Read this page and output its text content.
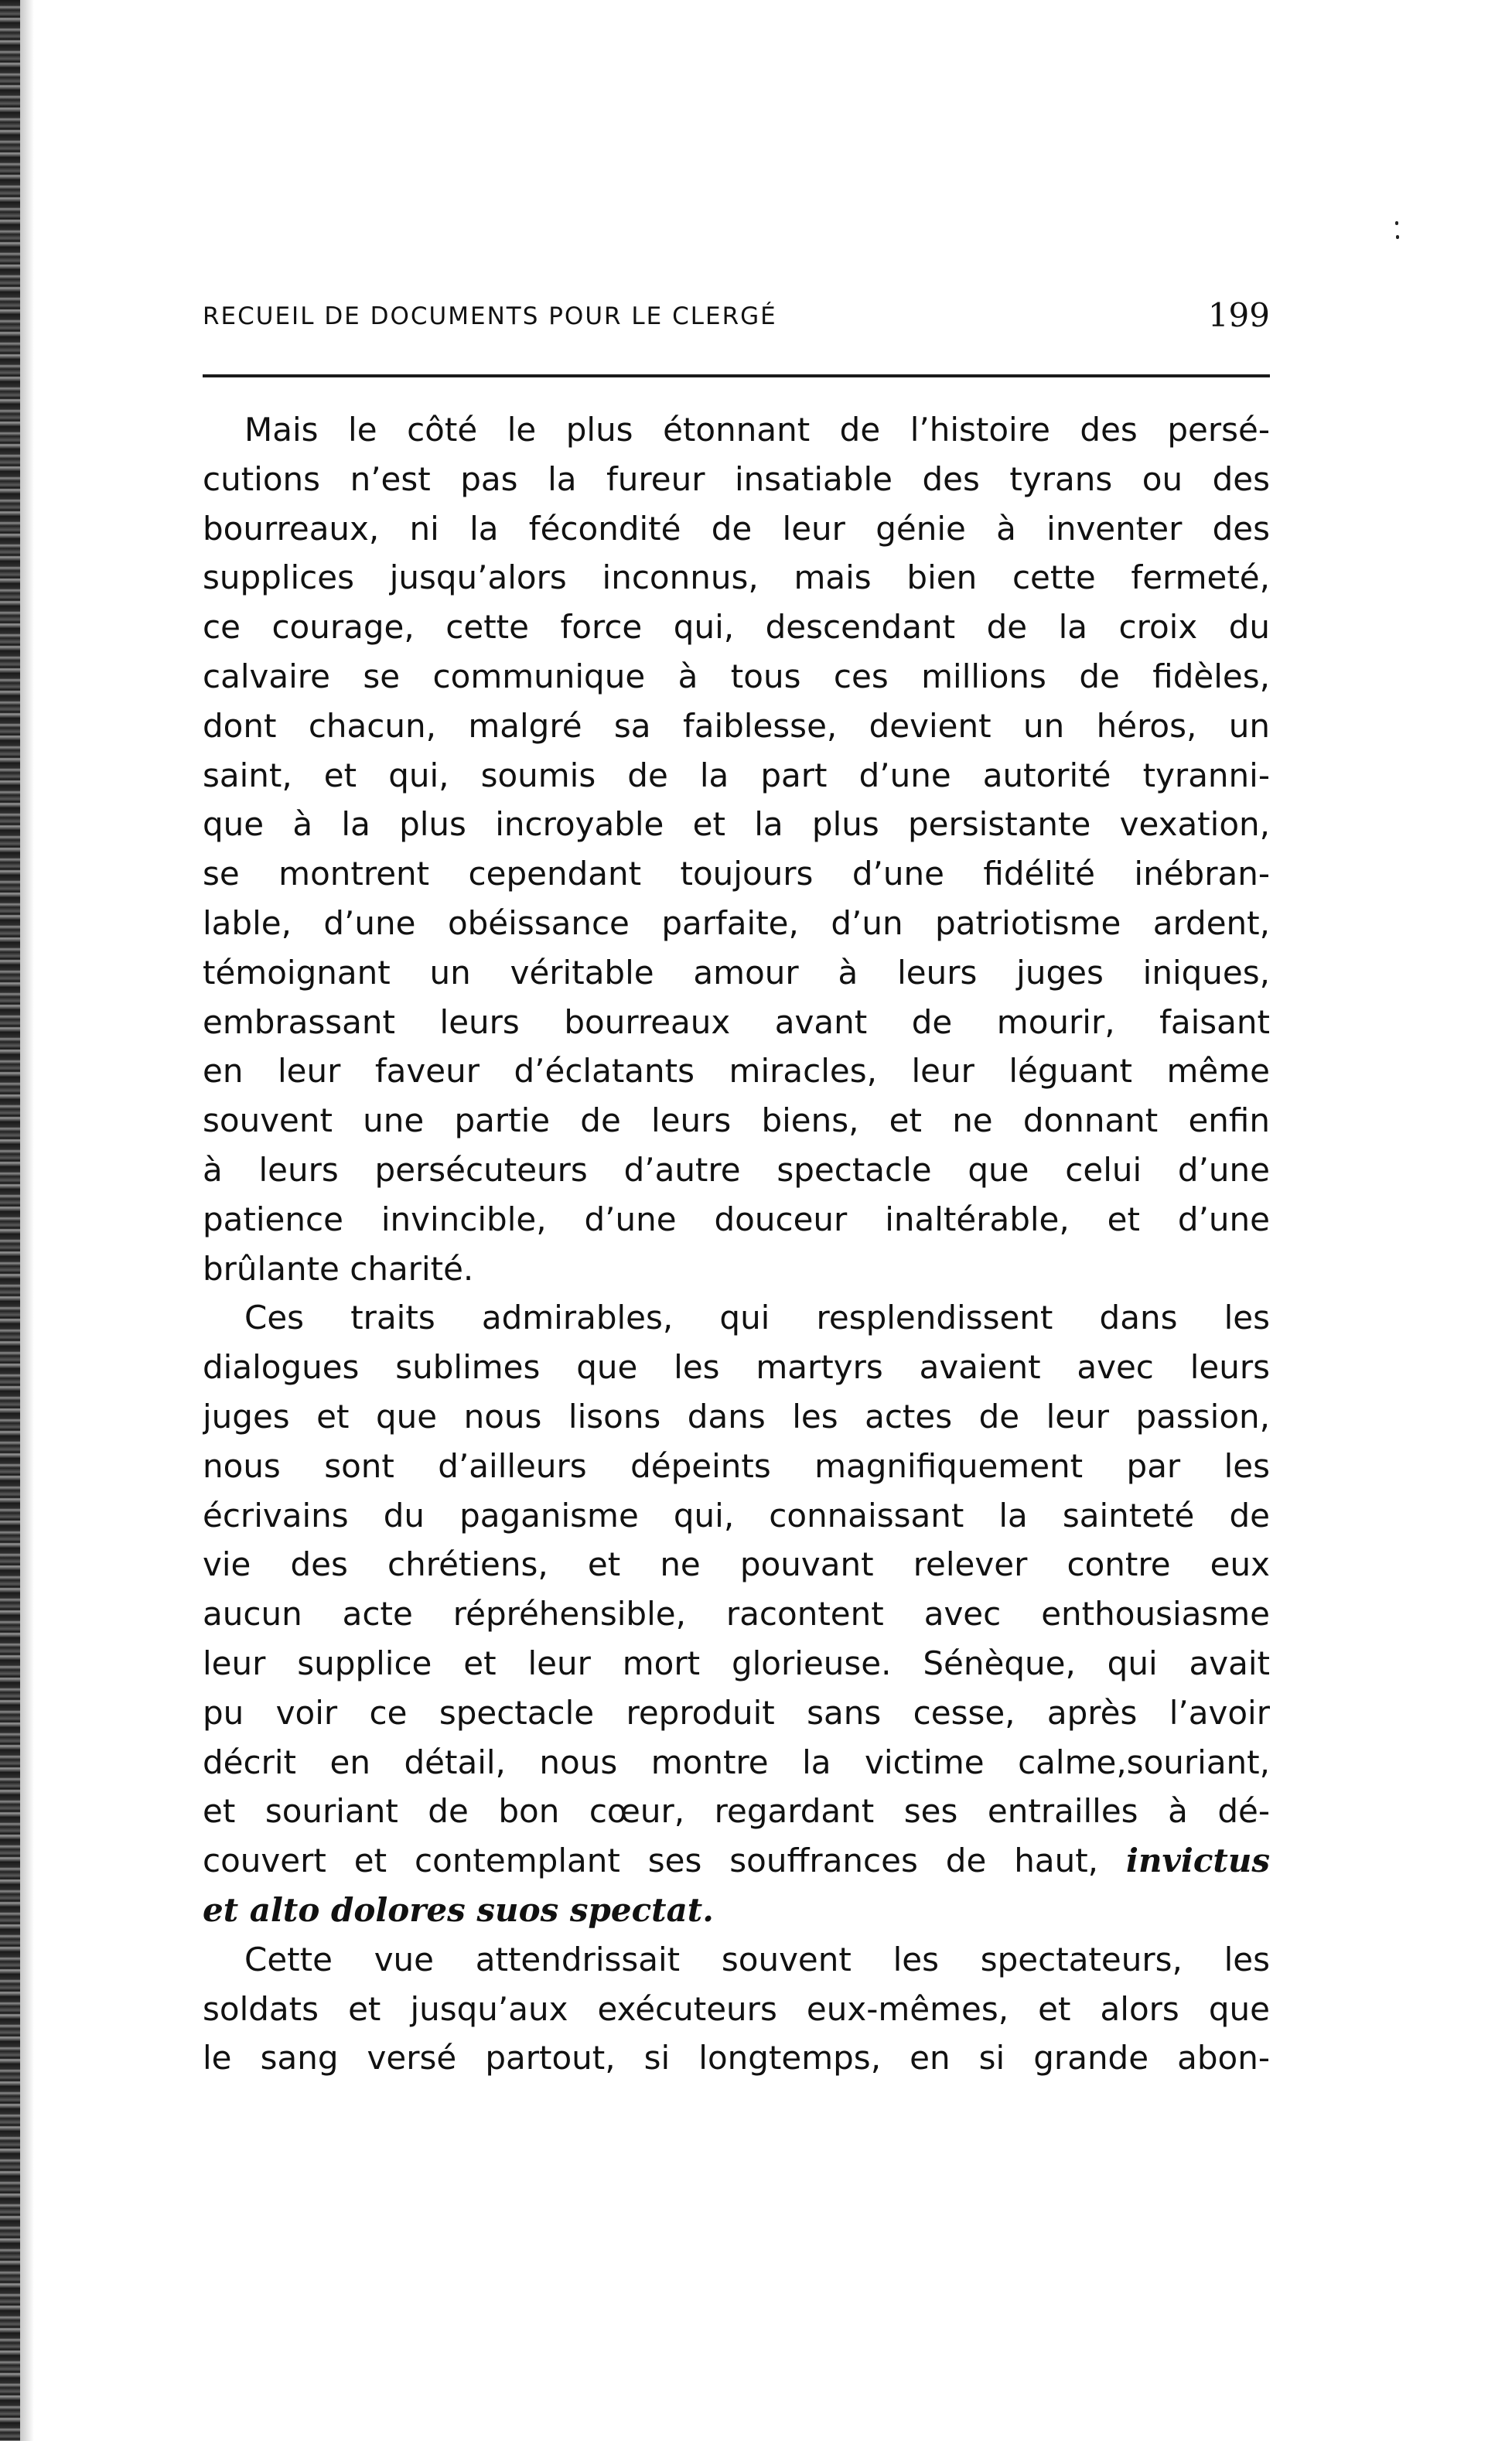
RECUEIL DE DOCUMENTS POUR LE CLERGÉ	199
Mais le côté le plus étonnant de l’histoire des persé-
cutions n’est pas la fureur insatiable des tyrans ou des
bourreaux, ni la fécondité de leur génie à inventer des
supplices jusqu’alors inconnus, mais bien cette fermeté,
ce courage, cette force qui, descendant de la croix du
calvaire se communique à tous ces millions de fidèles,
dont chacun, malgré sa faiblesse, devient un héros, un
saint, et qui, soumis de la part d’une autorité tyranni-
que à la plus incroyable et la plus persistante vexation,
se montrent cependant toujours d’une fidélité inébran-
lable, d’une obéissance parfaite, d’un patriotisme ardent,
témoignant un véritable amour à leurs juges iniques,
embrassant leurs bourreaux avant de mourir, faisant
en leur faveur d’éclatants miracles, leur léguant même
souvent une partie de leurs biens, et ne donnant enfin
à leurs persécuteurs d’autre spectacle que celui d’une
patience invincible, d’une douceur inaltérable, et d’une
brûlante charité.
Ces traits admirables, qui resplendissent dans les
dialogues sublimes que les martyrs avaient avec leurs
juges et que nous lisons dans les actes de leur passion,
nous sont d’ailleurs dépeints magnifiquement par les
écrivains du paganisme qui, connaissant la sainteté de
vie des chrétiens, et ne pouvant relever contre eux
aucun acte répréhensible, racontent avec enthousiasme
leur supplice et leur mort glorieuse. Sénèque, qui avait
pu voir ce spectacle reproduit sans cesse, après l’avoir
décrit en détail, nous montre la victime calme,souriant,
et souriant de bon cœur, regardant ses entrailles à dé-
couvert et contemplant ses souffrances de haut, invictus
et alto dolores suos spectat.
Cette vue attendrissait souvent les spectateurs, les
soldats et jusqu’aux exécuteurs eux-mêmes, et alors que
le sang versé partout, si longtemps, en si grande abon-
